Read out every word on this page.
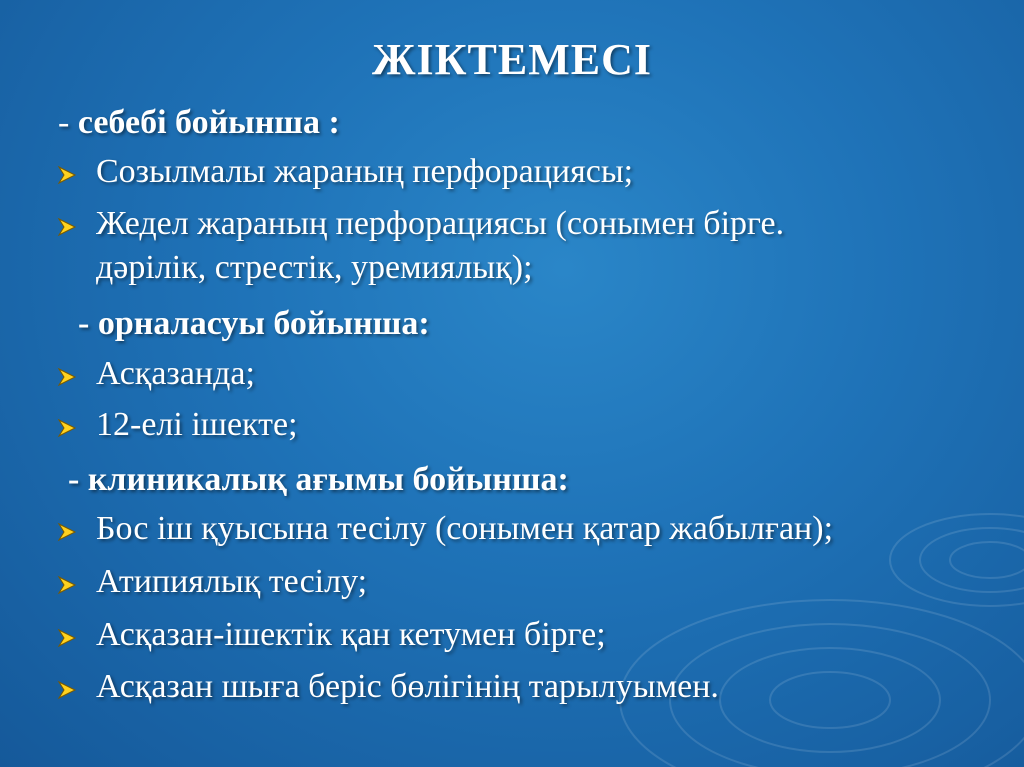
ЖІКТЕМЕСІ
- себебі бойынша :
Созылмалы жараның перфорациясы;
Жедел жараның перфорациясы (сонымен бірге.
дәрілік, стрестік, уремиялық);
- орналасуы бойынша:
Асқазанда;
12-елі ішекте;
- клиникалық ағымы бойынша:
Бос іш қуысына тесілу (сонымен қатар жабылған);
Атипиялық тесілу;
Асқазан-ішектік қан кетумен бірге;
Асқазан шыға беріс бөлігінің тарылуымен.
